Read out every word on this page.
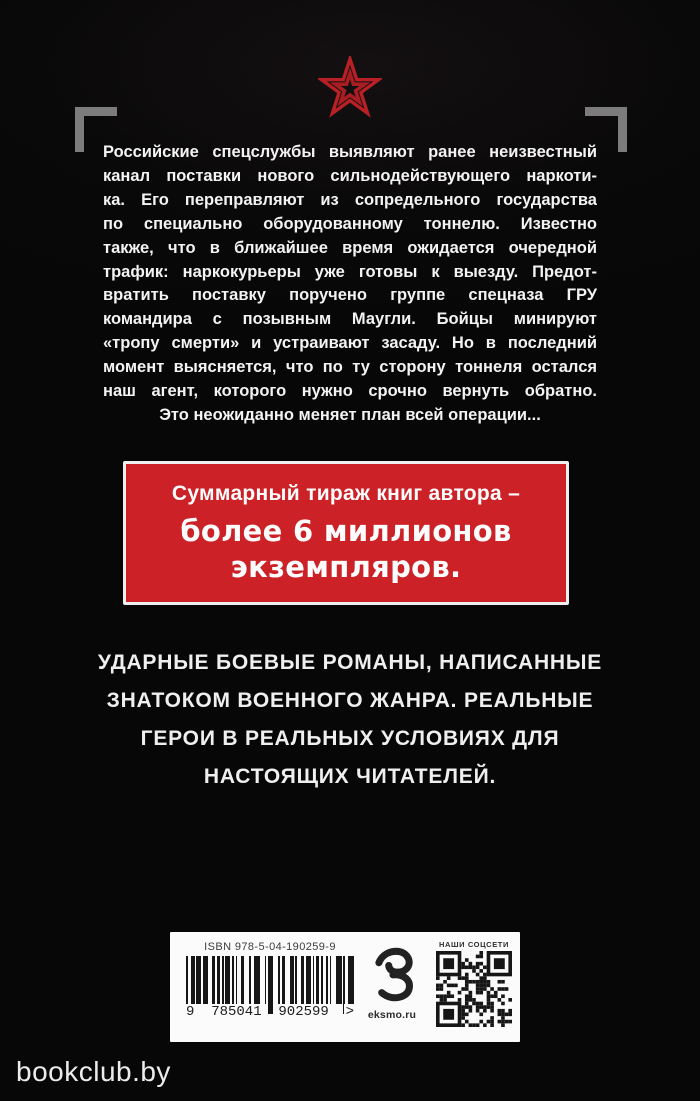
Российские спецслужбы выявляют ранее неизвестный
канал поставки нового сильнодействующего наркоти-
ка. Его переправляют из сопредельного государства
по специально оборудованному тоннелю. Известно
также, что в ближайшее время ожидается очередной
трафик: наркокурьеры уже готовы к выезду. Предот-
вратить поставку поручено группе спецназа ГРУ
командира с позывным Маугли. Бойцы минируют
«тропу смерти» и устраивают засаду. Но в последний
момент выясняется, что по ту сторону тоннеля остался
наш агент, которого нужно срочно вернуть обратно.
Это неожиданно меняет план всей операции...
Суммарный тираж книг автора –
более 6 миллионов
экземпляров.
УДАРНЫЕ БОЕВЫЕ РОМАНЫ, НАПИСАННЫЕ
ЗНАТОКОМ ВОЕННОГО ЖАНРА. РЕАЛЬНЫЕ
ГЕРОИ В РЕАЛЬНЫХ УСЛОВИЯХ ДЛЯ
НАСТОЯЩИХ ЧИТАТЕЛЕЙ.
ISBN 978-5-04-190259-9
9 785041 902599 >	eksmo.ru
НАШИ СОЦСЕТИ
bookclub.by
